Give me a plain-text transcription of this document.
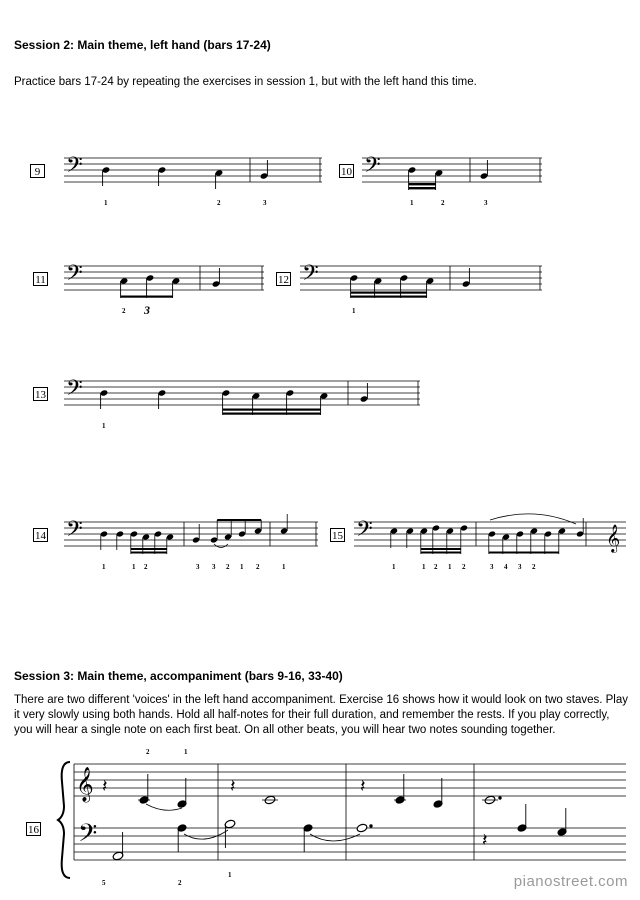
Session 2: Main theme, left hand (bars 17-24)
Practice bars 17-24 by repeating the exercises in session 1, but with the left hand this time.
9 𝄢
1	2	3
10 𝄢
1	2	3
11 𝄢
2 3
12 𝄢
1
13 𝄢
1
14 𝄢
1	1 2	3 3 2 1 2	1
15 𝄢	𝄞
1	1 2 1 2	3 4 3 2
Session 3: Main theme, accompaniment (bars 9-16, 33-40)
There are two different 'voices' in the left hand accompaniment. Exercise 16 shows how it would look on two staves. Play it very slowly using both hands. Hold all half-notes for their full duration, and remember the rests. If you play correctly, you will hear a single note on each first beat. On all other beats, you will hear two notes sounding together.
16
𝄞
𝄢
𝄽	𝄽	𝄽
𝄽
2	1
5	2
1	pianostreet.com
